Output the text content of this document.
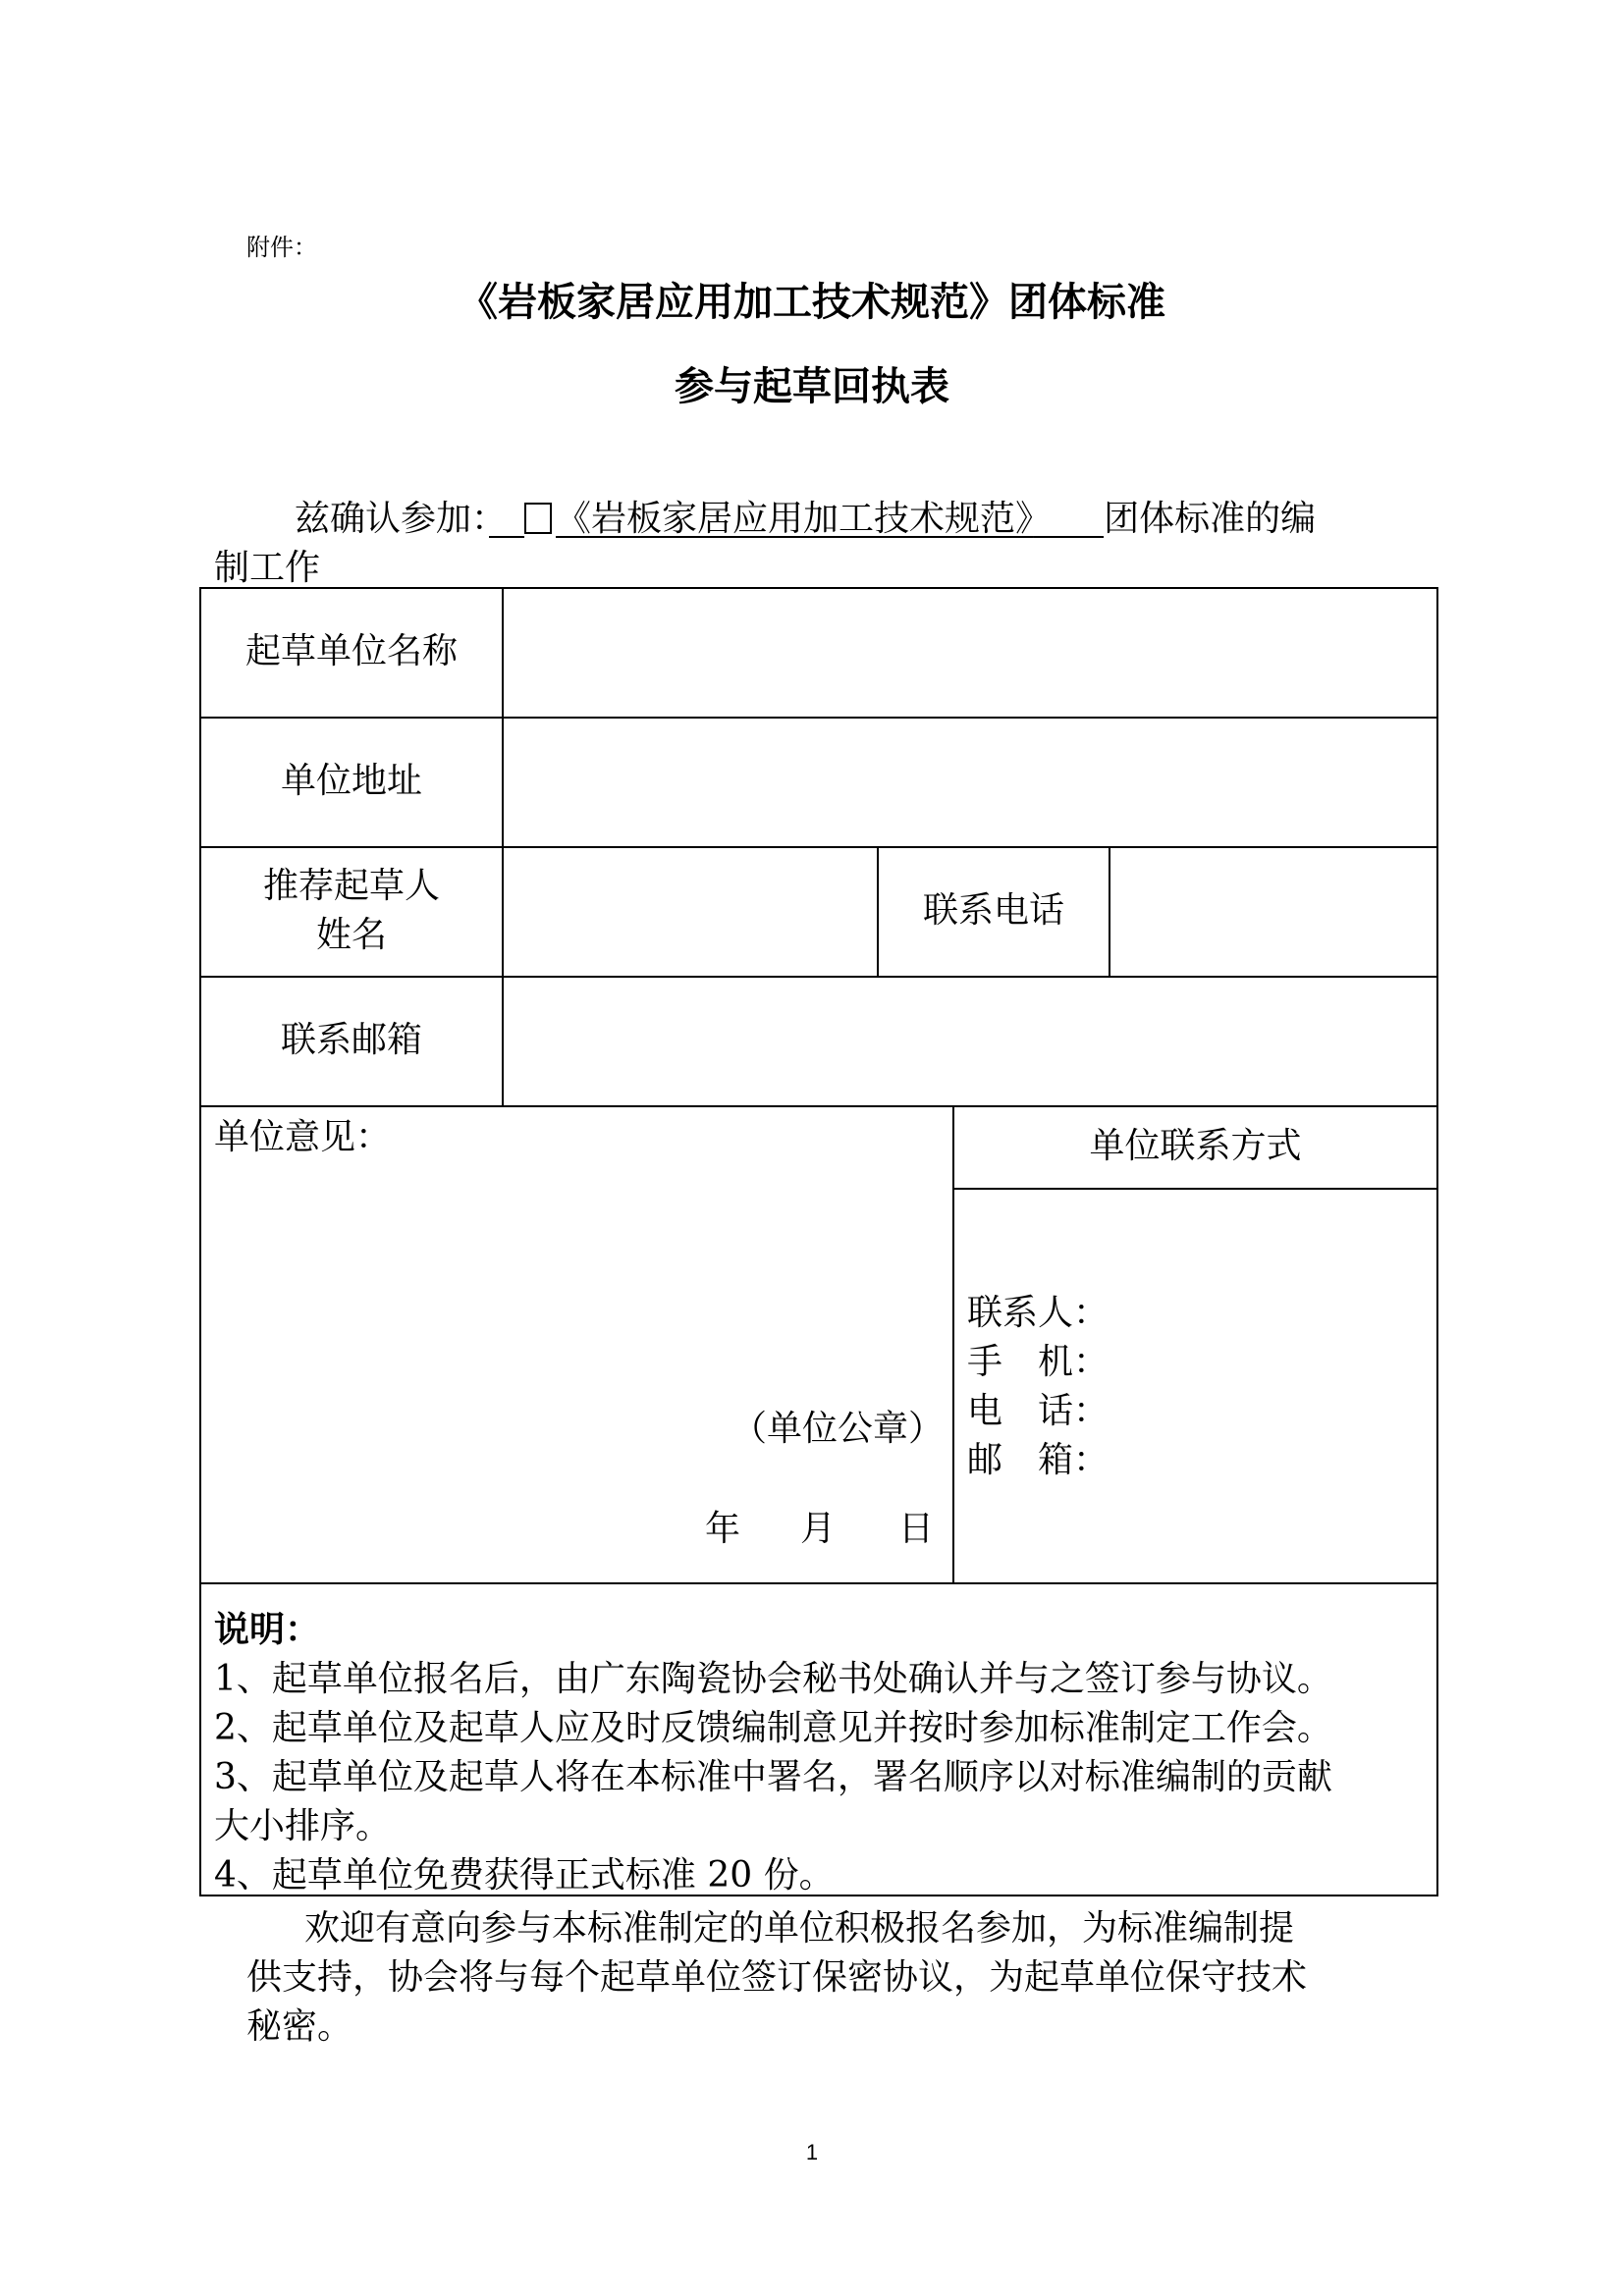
附件：
《岩板家居应用加工技术规范》团体标准
参与起草回执表
兹确认参加：　 《岩板家居应用加工技术规范》　　 团体标准的编
制工作
起草单位名称
单位地址
推荐起草人
姓名
联系电话
联系邮箱
单位意见：
（单位公章）
年 月 日
单位联系方式
联系人：
手　机：
电　话：
邮　箱：
说明：
1、起草单位报名后，由广东陶瓷协会秘书处确认并与之签订参与协议。
2、起草单位及起草人应及时反馈编制意见并按时参加标准制定工作会。
3、起草单位及起草人将在本标准中署名，署名顺序以对标准编制的贡献
大小排序。
4、起草单位免费获得正式标准 20 份。
欢迎有意向参与本标准制定的单位积极报名参加，为标准编制提
供支持，协会将与每个起草单位签订保密协议，为起草单位保守技术
秘密。
1
